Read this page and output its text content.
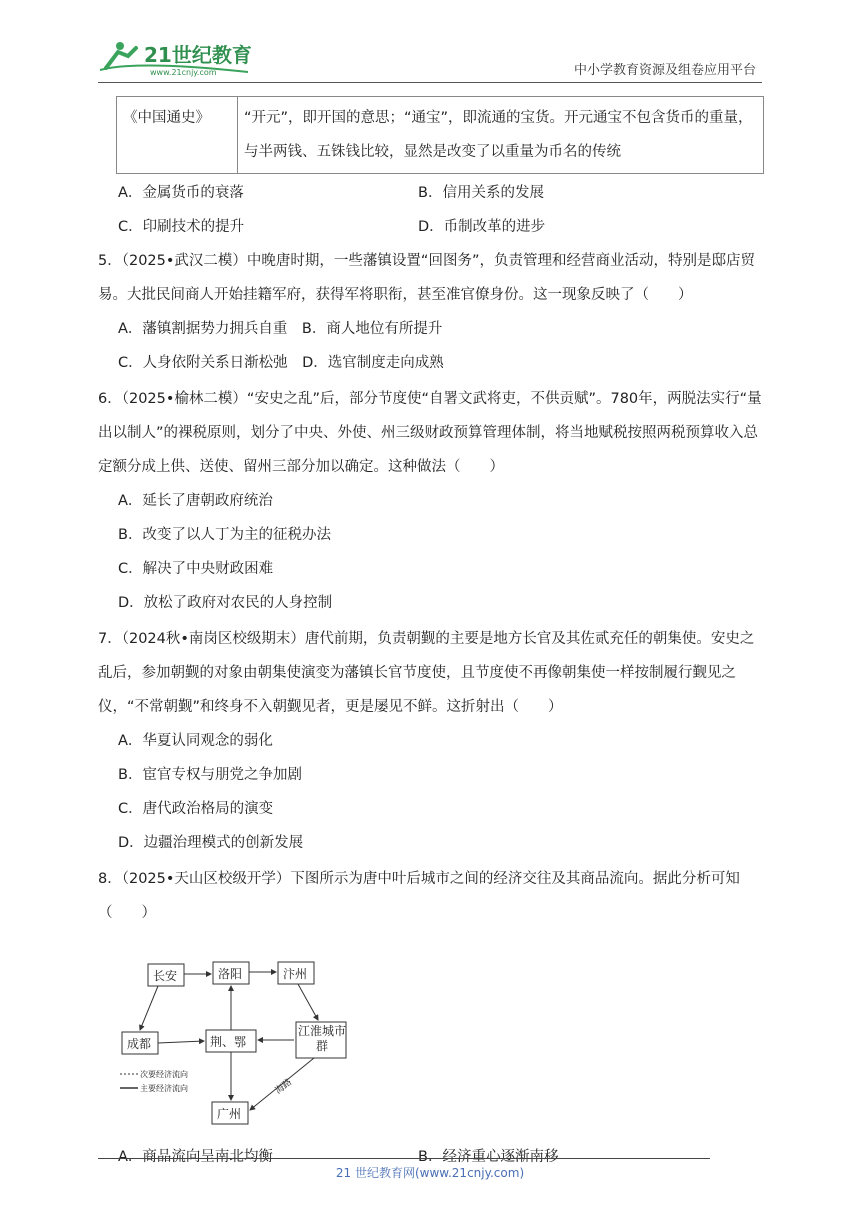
21世纪教育
www.21cnjy.com	中小学教育资源及组卷应用平台
《中国通史》	“开元”，即开国的意思；“通宝”，即流通的宝货。开元通宝不包含货币的重量，与半两钱、五铢钱比较，显然是改变了以重量为币名的传统
A．金属货币的衰落	B．信用关系的发展
C．印刷技术的提升	D．币制改革的进步
5．（2025•武汉二模）中晚唐时期，一些藩镇设置“回图务”，负责管理和经营商业活动，特别是邸店贸易。大批民间商人开始挂籍军府，获得军将职衔，甚至准官僚身份。这一现象反映了（　　）
A．藩镇割据势力拥兵自重　B．商人地位有所提升
C．人身依附关系日渐松弛　D．选官制度走向成熟
6．（2025•榆林二模）“安史之乱”后，部分节度使“自署文武将吏，不供贡赋”。780年，两脱法实行“量出以制人”的裸税原则，划分了中央、外使、州三级财政预算管理体制，将当地赋税按照两税预算收入总定额分成上供、送使、留州三部分加以确定。这种做法（　　）
A．延长了唐朝政府统治
B．改变了以人丁为主的征税办法
C．解决了中央财政困难
D．放松了政府对农民的人身控制
7．（2024秋•南岗区校级期末）唐代前期，负责朝觐的主要是地方长官及其佐贰充任的朝集使。安史之乱后，参加朝觐的对象由朝集使演变为藩镇长官节度使，且节度使不再像朝集使一样按制履行觐见之仪，“不常朝觐”和终身不入朝觐见者，更是屡见不鲜。这折射出（　　）
A．华夏认同观念的弱化
B．宦官专权与朋党之争加剧
C．唐代政治格局的演变
D．边疆治理模式的创新发展
8．（2025•天山区校级开学）下图所示为唐中叶后城市之间的经济交往及其商品流向。据此分析可知（　　）
长安	洛阳	汴州
成都	荆、鄂
江淮城市群
广州
海路
次要经济流向
主要经济流向
A．商品流向呈南北均衡	B．经济重心逐渐南移
21 世纪教育网(www.21cnjy.com)
